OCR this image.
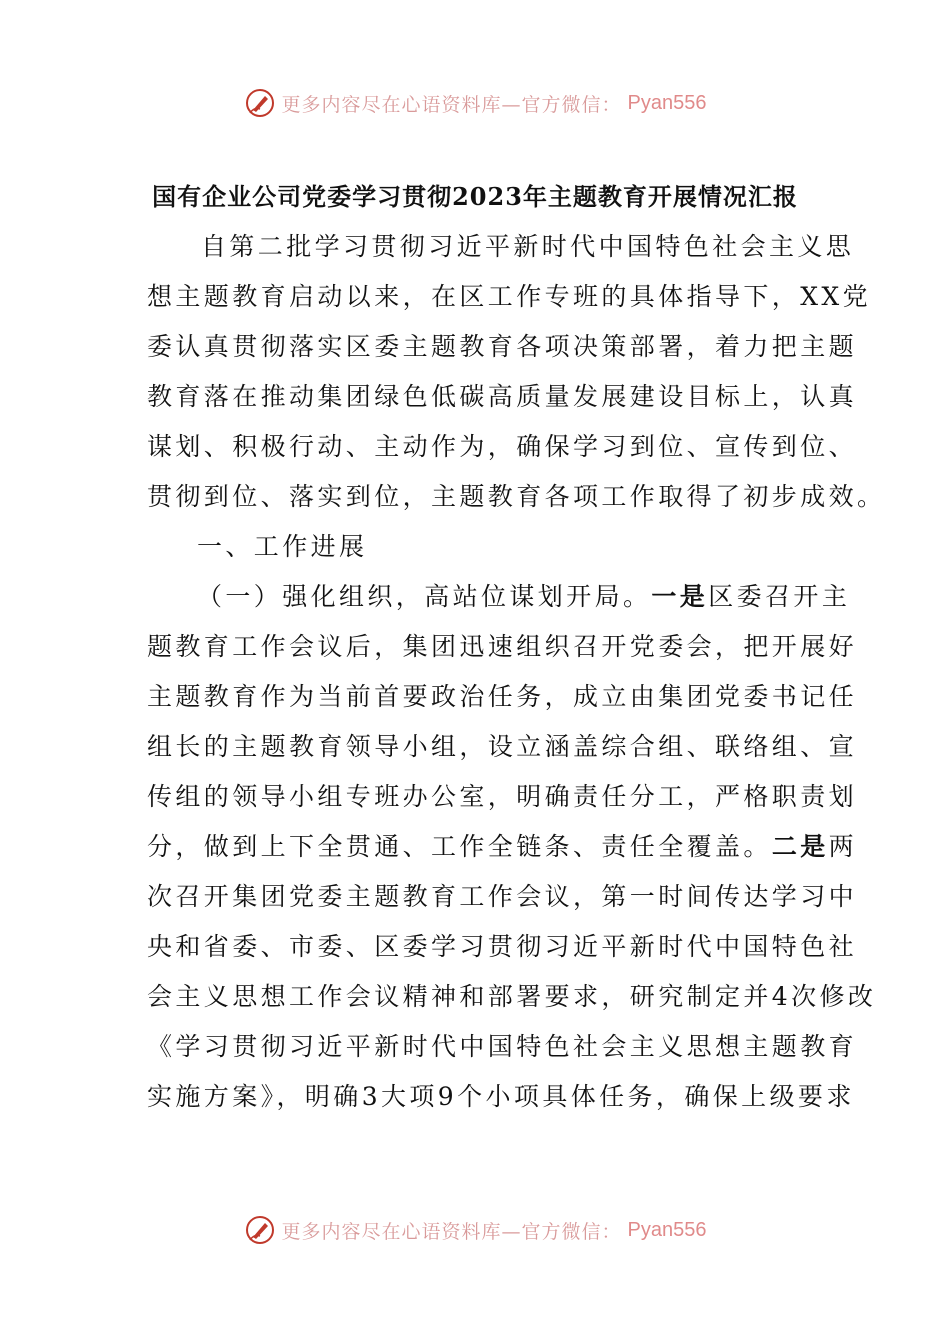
更多内容尽在心语资料库—官方微信： Pyan556
国有企业公司党委学习贯彻2023年主题教育开展情况汇报
自第二批学习贯彻习近平新时代中国特色社会主义思
想主题教育启动以来，在区工作专班的具体指导下，XX党
委认真贯彻落实区委主题教育各项决策部署，着力把主题
教育落在推动集团绿色低碳高质量发展建设目标上，认真
谋划、积极行动、主动作为，确保学习到位、宣传到位、
贯彻到位、落实到位，主题教育各项工作取得了初步成效。
一、工作进展
（一）强化组织，高站位谋划开局。一是区委召开主
题教育工作会议后，集团迅速组织召开党委会，把开展好
主题教育作为当前首要政治任务，成立由集团党委书记任
组长的主题教育领导小组，设立涵盖综合组、联络组、宣
传组的领导小组专班办公室，明确责任分工，严格职责划
分，做到上下全贯通、工作全链条、责任全覆盖。二是两
次召开集团党委主题教育工作会议，第一时间传达学习中
央和省委、市委、区委学习贯彻习近平新时代中国特色社
会主义思想工作会议精神和部署要求，研究制定并4次修改
《学习贯彻习近平新时代中国特色社会主义思想主题教育
实施方案》，明确3大项9个小项具体任务，确保上级要求
更多内容尽在心语资料库—官方微信： Pyan556
